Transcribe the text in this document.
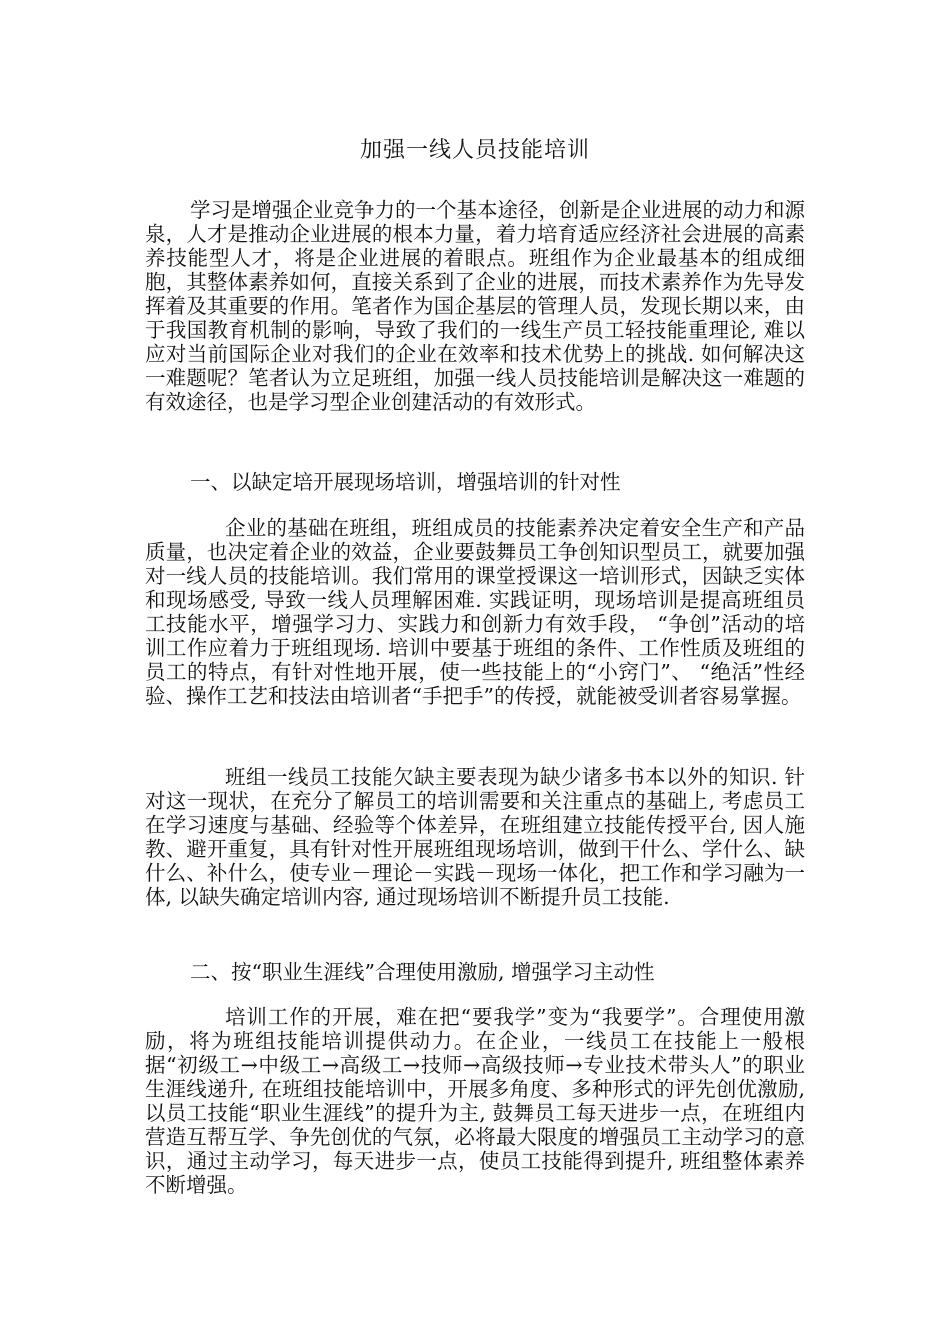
加强一线人员技能培训

学习是增强企业竞争力的一个基本途径，创新是企业进展的动力和源泉，人才是推动企业进展的根本力量，着力培育适应经济社会进展的高素养技能型人才，将是企业进展的着眼点。班组作为企业最基本的组成细胞，其整体素养如何，直接关系到了企业的进展，而技术素养作为先导发挥着及其重要的作用。笔者作为国企基层的管理人员，发现长期以来，由于我国教育机制的影响，导致了我们的一线生产员工轻技能重理论, 难以应对当前国际企业对我们的企业在效率和技术优势上的挑战. 如何解决这一难题呢？笔者认为立足班组，加强一线人员技能培训是解决这一难题的有效途径，也是学习型企业创建活动的有效形式。

一、以缺定培开展现场培训，增强培训的针对性

企业的基础在班组，班组成员的技能素养决定着安全生产和产品质量，也决定着企业的效益，企业要鼓舞员工争创知识型员工，就要加强对一线人员的技能培训。我们常用的课堂授课这一培训形式，因缺乏实体和现场感受, 导致一线人员理解困难. 实践证明，现场培训是提高班组员工技能水平，增强学习力、实践力和创新力有效手段， “争创”活动的培训工作应着力于班组现场. 培训中要基于班组的条件、工作性质及班组的员工的特点，有针对性地开展，使一些技能上的“小窍门”、 “绝活”性经验、操作工艺和技法由培训者“手把手”的传授，就能被受训者容易掌握。

班组一线员工技能欠缺主要表现为缺少诸多书本以外的知识. 针对这一现状，在充分了解员工的培训需要和关注重点的基础上, 考虑员工在学习速度与基础、经验等个体差异，在班组建立技能传授平台, 因人施教、避开重复，具有针对性开展班组现场培训，做到干什么、学什么、缺什么、补什么，使专业－理论－实践－现场一体化，把工作和学习融为一体, 以缺失确定培训内容, 通过现场培训不断提升员工技能.

二、按“职业生涯线”合理使用激励, 增强学习主动性

培训工作的开展，难在把“要我学”变为“我要学”。合理使用激励，将为班组技能培训提供动力。在企业，一线员工在技能上一般根据“初级工→中级工→高级工→技师→高级技师→专业技术带头人”的职业生涯线递升, 在班组技能培训中，开展多角度、多种形式的评先创优激励, 以员工技能“职业生涯线”的提升为主, 鼓舞员工每天进步一点，在班组内营造互帮互学、争先创优的气氛，必将最大限度的增强员工主动学习的意识，通过主动学习，每天进步一点，使员工技能得到提升, 班组整体素养不断增强。
